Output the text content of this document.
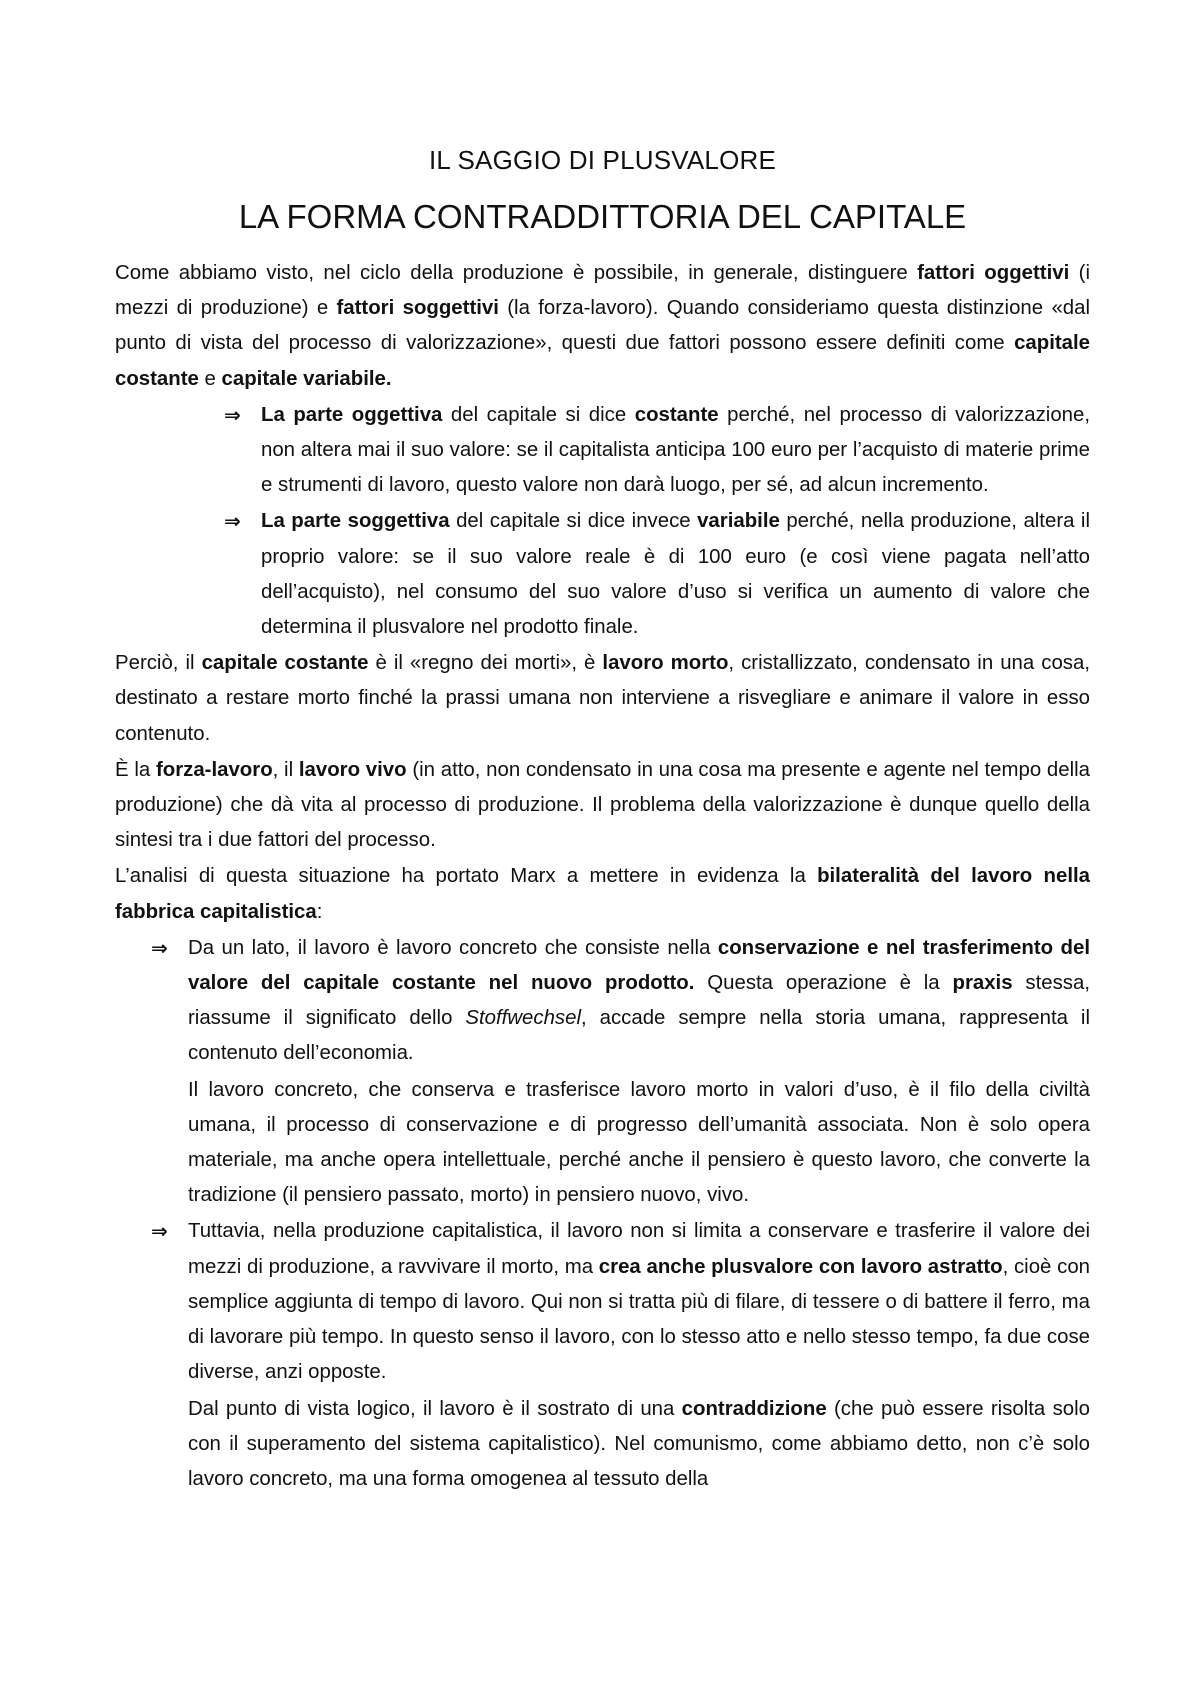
IL SAGGIO DI PLUSVALORE
LA FORMA CONTRADDITTORIA DEL CAPITALE

Come abbiamo visto, nel ciclo della produzione è possibile, in generale, distinguere fattori oggettivi (i mezzi di produzione) e fattori soggettivi (la forza-lavoro). Quando consideriamo questa distinzione «dal punto di vista del processo di valorizzazione», questi due fattori possono essere definiti come capitale costante e capitale variabile.

⇒ La parte oggettiva del capitale si dice costante perché, nel processo di valorizzazione, non altera mai il suo valore: se il capitalista anticipa 100 euro per l’acquisto di materie prime e strumenti di lavoro, questo valore non darà luogo, per sé, ad alcun incremento.
⇒ La parte soggettiva del capitale si dice invece variabile perché, nella produzione, altera il proprio valore: se il suo valore reale è di 100 euro (e così viene pagata nell’atto dell’acquisto), nel consumo del suo valore d’uso si verifica un aumento di valore che determina il plusvalore nel prodotto finale.

Perciò, il capitale costante è il «regno dei morti», è lavoro morto, cristallizzato, condensato in una cosa, destinato a restare morto finché la prassi umana non interviene a risvegliare e animare il valore in esso contenuto.

È la forza-lavoro, il lavoro vivo (in atto, non condensato in una cosa ma presente e agente nel tempo della produzione) che dà vita al processo di produzione. Il problema della valorizzazione è dunque quello della sintesi tra i due fattori del processo.

L’analisi di questa situazione ha portato Marx a mettere in evidenza la bilateralità del lavoro nella fabbrica capitalistica:

⇒ Da un lato, il lavoro è lavoro concreto che consiste nella conservazione e nel trasferimento del valore del capitale costante nel nuovo prodotto. Questa operazione è la praxis stessa, riassume il significato dello Stoffwechsel, accade sempre nella storia umana, rappresenta il contenuto dell’economia.
Il lavoro concreto, che conserva e trasferisce lavoro morto in valori d’uso, è il filo della civiltà umana, il processo di conservazione e di progresso dell’umanità associata. Non è solo opera materiale, ma anche opera intellettuale, perché anche il pensiero è questo lavoro, che converte la tradizione (il pensiero passato, morto) in pensiero nuovo, vivo.
⇒ Tuttavia, nella produzione capitalistica, il lavoro non si limita a conservare e trasferire il valore dei mezzi di produzione, a ravvivare il morto, ma crea anche plusvalore con lavoro astratto, cioè con semplice aggiunta di tempo di lavoro. Qui non si tratta più di filare, di tessere o di battere il ferro, ma di lavorare più tempo. In questo senso il lavoro, con lo stesso atto e nello stesso tempo, fa due cose diverse, anzi opposte.
Dal punto di vista logico, il lavoro è il sostrato di una contraddizione (che può essere risolta solo con il superamento del sistema capitalistico). Nel comunismo, come abbiamo detto, non c’è solo lavoro concreto, ma una forma omogenea al tessuto della
